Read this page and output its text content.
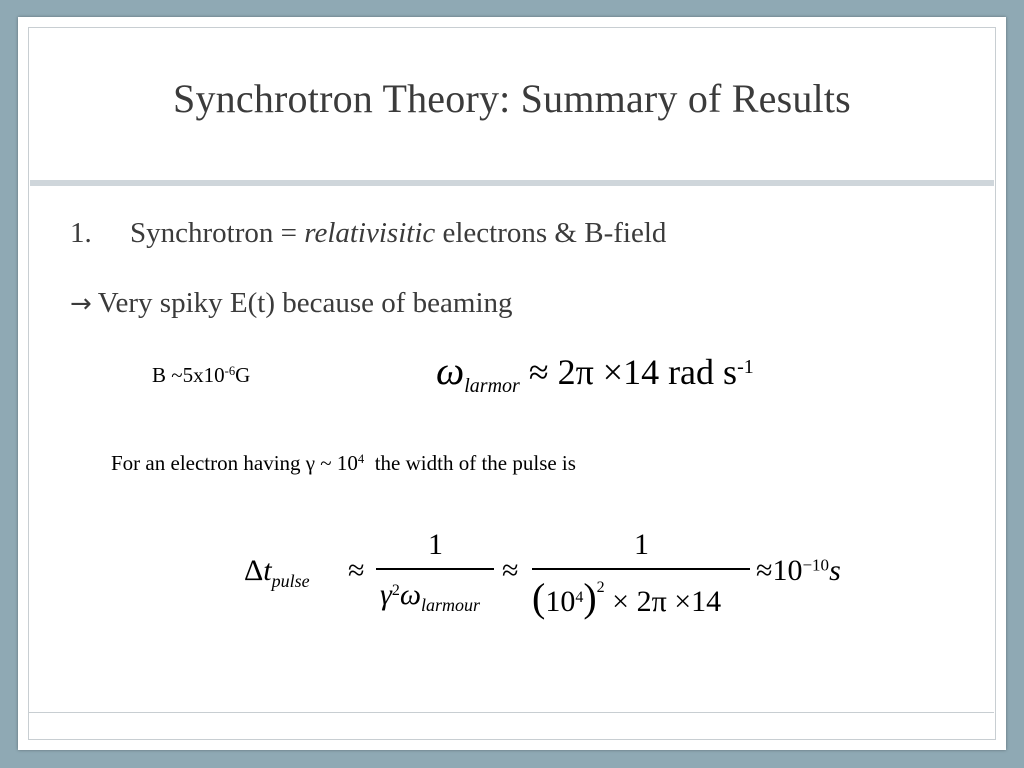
Synchrotron Theory: Summary of Results
1. Synchrotron = relativisitic electrons & B-field
→ Very spiky E(t) because of beaming
B $\sim 5x10^{-6}G$	$\omega_{larmor} \approx 2\pi \times 14$ rad $s^{-1}$
For an electron having γ ~ $10^4$  the width of the pulse is
$\Delta t_{pulse}$ ≈
1
$\gamma^2\omega_{larmour}$
≈
1
$(10^4)^2 \times 2\pi \times 14$
$\approx 10^{-10}s$
